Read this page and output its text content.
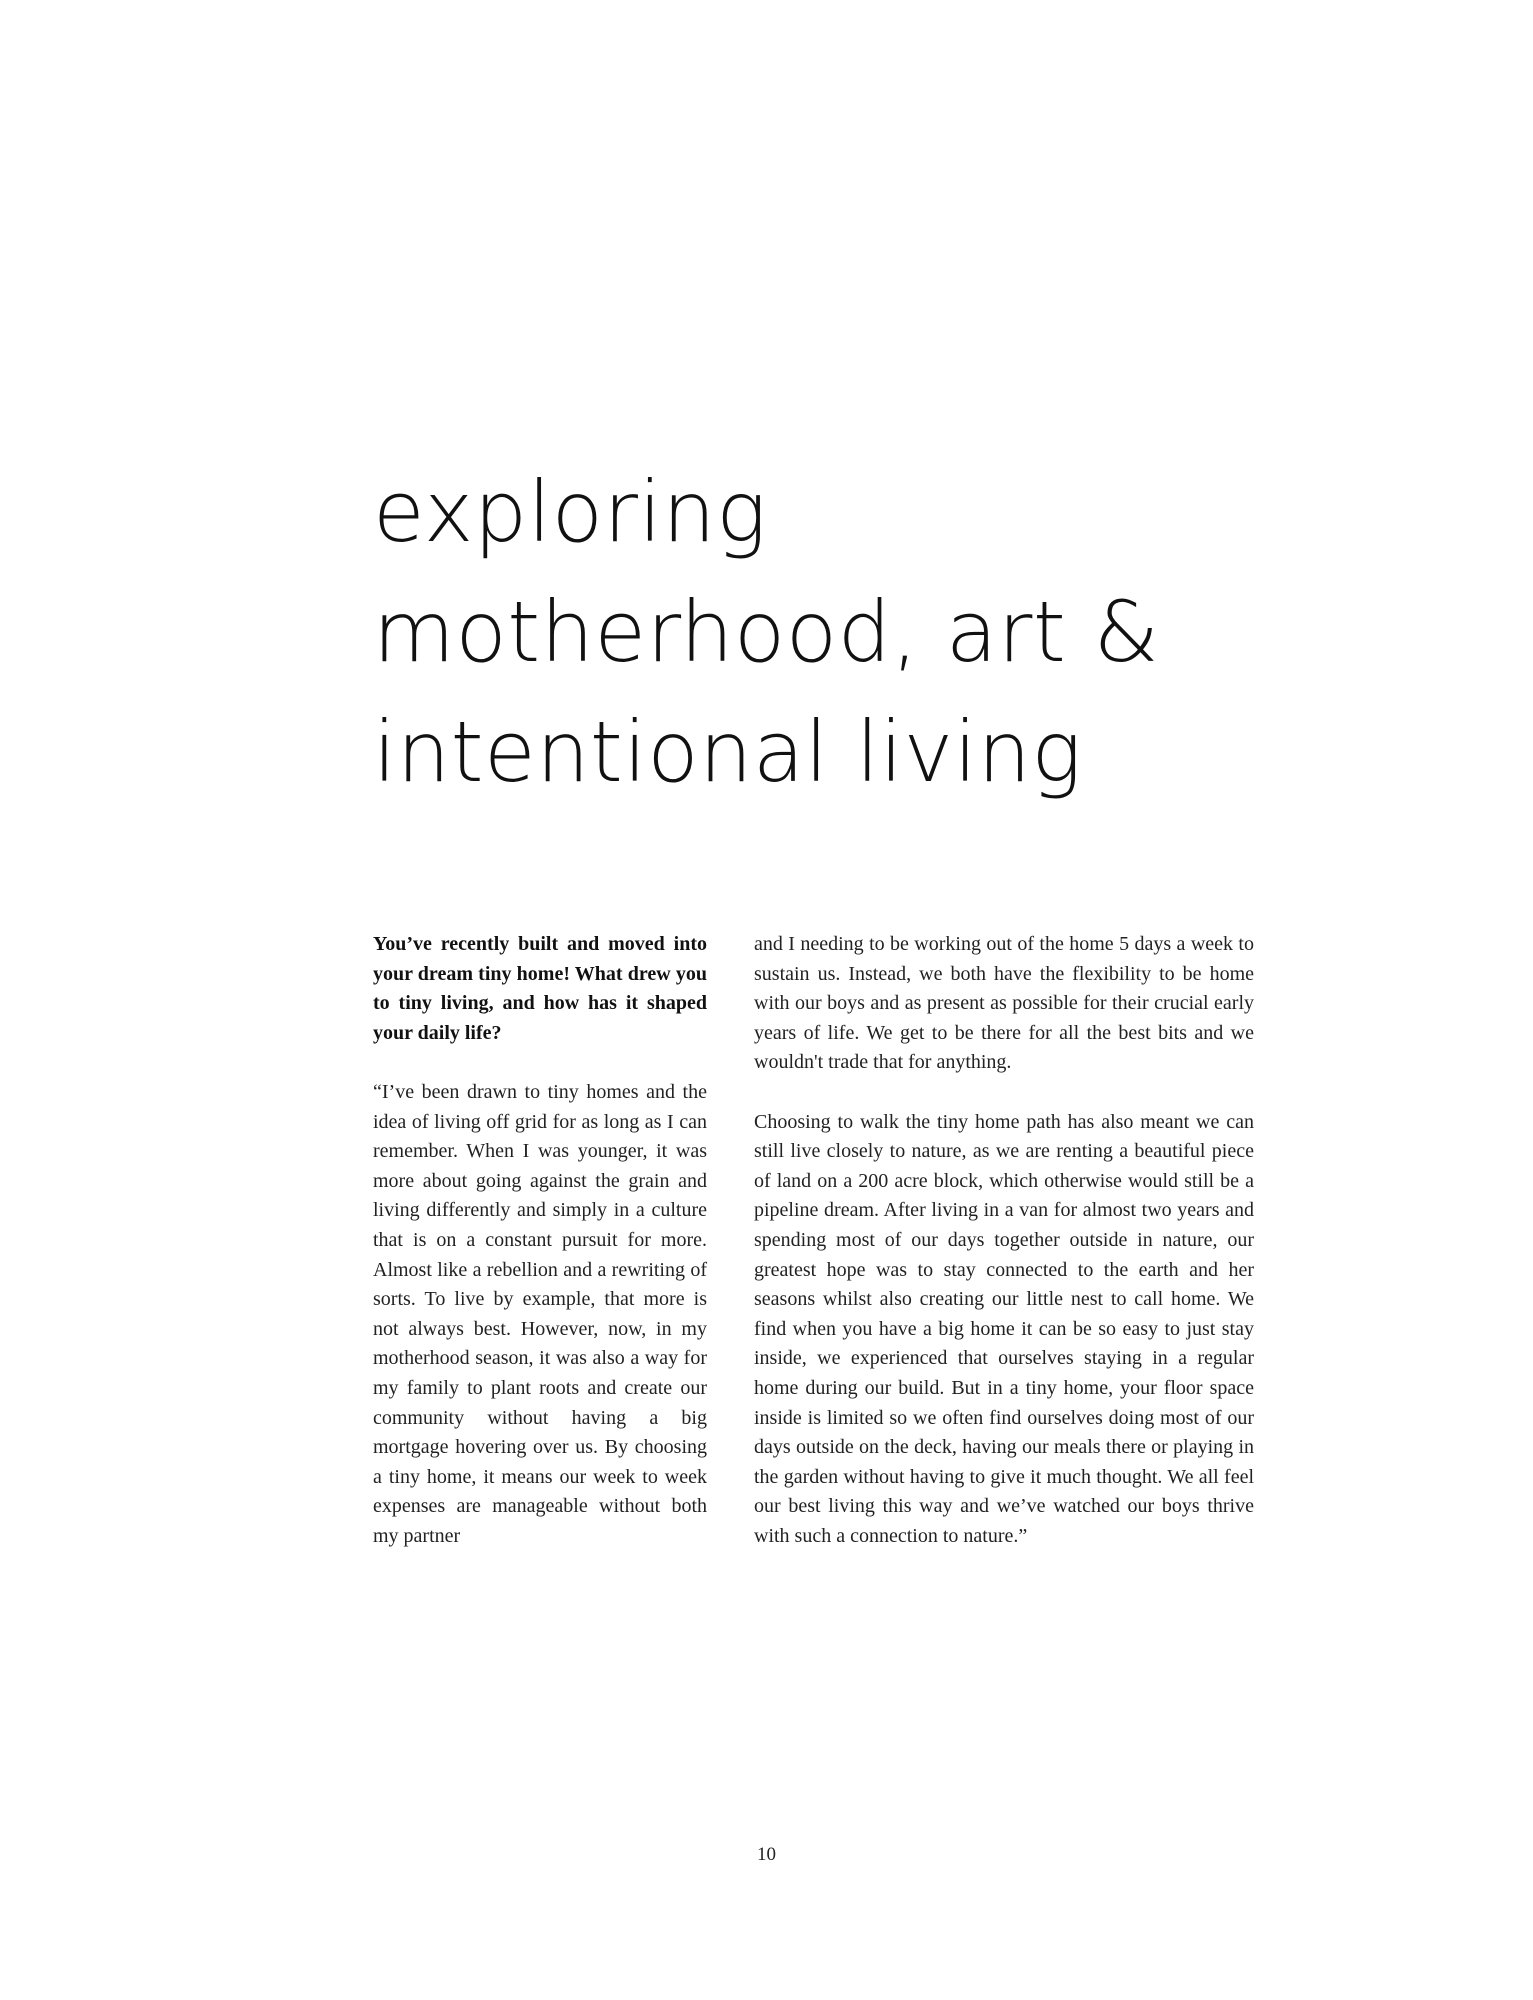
exploring
motherhood, art &
intentional living

You’ve recently built and moved into your dream tiny home! What drew you to tiny living, and how has it shaped your daily life?

“I’ve been drawn to tiny homes and the idea of living off grid for as long as I can remember. When I was younger, it was more about going against the grain and living differently and simply in a culture that is on a constant pursuit for more. Almost like a rebellion and a rewriting of sorts. To live by example, that more is not always best. However, now, in my motherhood season, it was also a way for my family to plant roots and create our community without having a big mortgage hovering over us. By choosing a tiny home, it means our week to week expenses are manageable without both my partner

and I needing to be working out of the home 5 days a week to sustain us. Instead, we both have the flexibility to be home with our boys and as present as possible for their crucial early years of life. We get to be there for all the best bits and we wouldn't trade that for anything.

Choosing to walk the tiny home path has also meant we can still live closely to nature, as we are renting a beautiful piece of land on a 200 acre block, which otherwise would still be a pipeline dream. After living in a van for almost two years and spending most of our days together outside in nature, our greatest hope was to stay connected to the earth and her seasons whilst also creating our little nest to call home. We find when you have a big home it can be so easy to just stay inside, we experienced that ourselves staying in a regular home during our build. But in a tiny home, your floor space inside is limited so we often find ourselves doing most of our days outside on the deck, having our meals there or playing in the garden without having to give it much thought. We all feel our best living this way and we’ve watched our boys thrive with such a connection to nature.”

10
